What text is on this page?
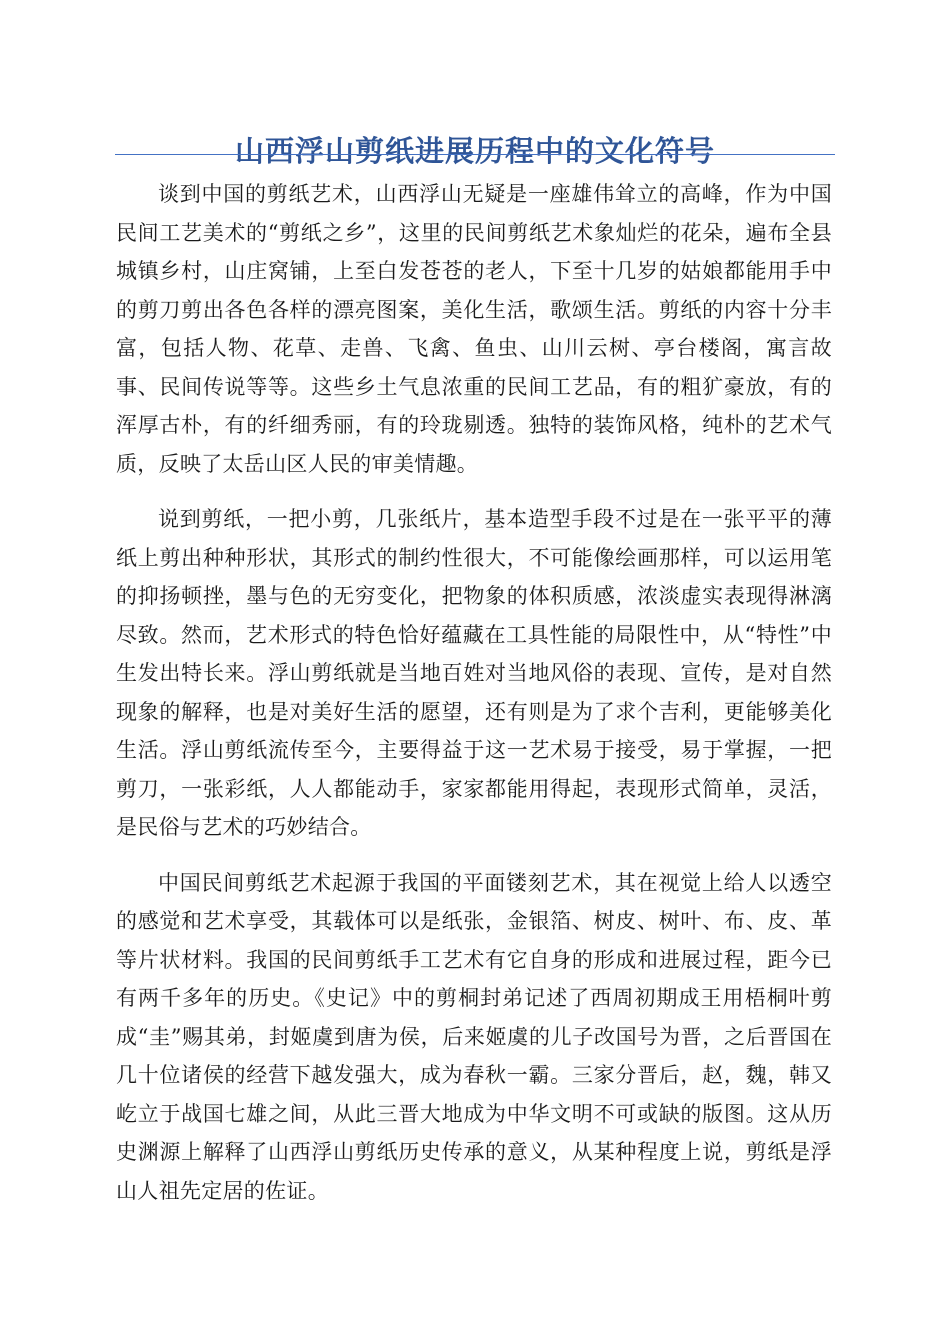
山西浮山剪纸进展历程中的文化符号

谈到中国的剪纸艺术，山西浮山无疑是一座雄伟耸立的高峰，作为中国民间工艺美术的“剪纸之乡”，这里的民间剪纸艺术象灿烂的花朵，遍布全县城镇乡村，山庄窝铺，上至白发苍苍的老人，下至十几岁的姑娘都能用手中的剪刀剪出各色各样的漂亮图案，美化生活，歌颂生活。剪纸的内容十分丰富，包括人物、花草、走兽、飞禽、鱼虫、山川云树、亭台楼阁，寓言故事、民间传说等等。这些乡土气息浓重的民间工艺品，有的粗犷豪放，有的浑厚古朴，有的纤细秀丽，有的玲珑剔透。独特的装饰风格，纯朴的艺术气质，反映了太岳山区人民的审美情趣。

说到剪纸，一把小剪，几张纸片，基本造型手段不过是在一张平平的薄纸上剪出种种形状，其形式的制约性很大，不可能像绘画那样，可以运用笔的抑扬顿挫，墨与色的无穷变化，把物象的体积质感，浓淡虚实表现得淋漓尽致。然而，艺术形式的特色恰好蕴藏在工具性能的局限性中，从“特性”中生发出特长来。浮山剪纸就是当地百姓对当地风俗的表现、宣传，是对自然现象的解释，也是对美好生活的愿望，还有则是为了求个吉利，更能够美化生活。浮山剪纸流传至今，主要得益于这一艺术易于接受，易于掌握，一把剪刀，一张彩纸，人人都能动手，家家都能用得起，表现形式简单，灵活，是民俗与艺术的巧妙结合。

中国民间剪纸艺术起源于我国的平面镂刻艺术，其在视觉上给人以透空的感觉和艺术享受，其载体可以是纸张，金银箔、树皮、树叶、布、皮、革等片状材料。我国的民间剪纸手工艺术有它自身的形成和进展过程，距今已有两千多年的历史。《史记》中的剪桐封弟记述了西周初期成王用梧桐叶剪成“圭”赐其弟，封姬虞到唐为侯，后来姬虞的儿子改国号为晋，之后晋国在几十位诸侯的经营下越发强大，成为春秋一霸。三家分晋后，赵，魏，韩又屹立于战国七雄之间，从此三晋大地成为中华文明不可或缺的版图。这从历史渊源上解释了山西浮山剪纸历史传承的意义，从某种程度上说，剪纸是浮山人祖先定居的佐证。
